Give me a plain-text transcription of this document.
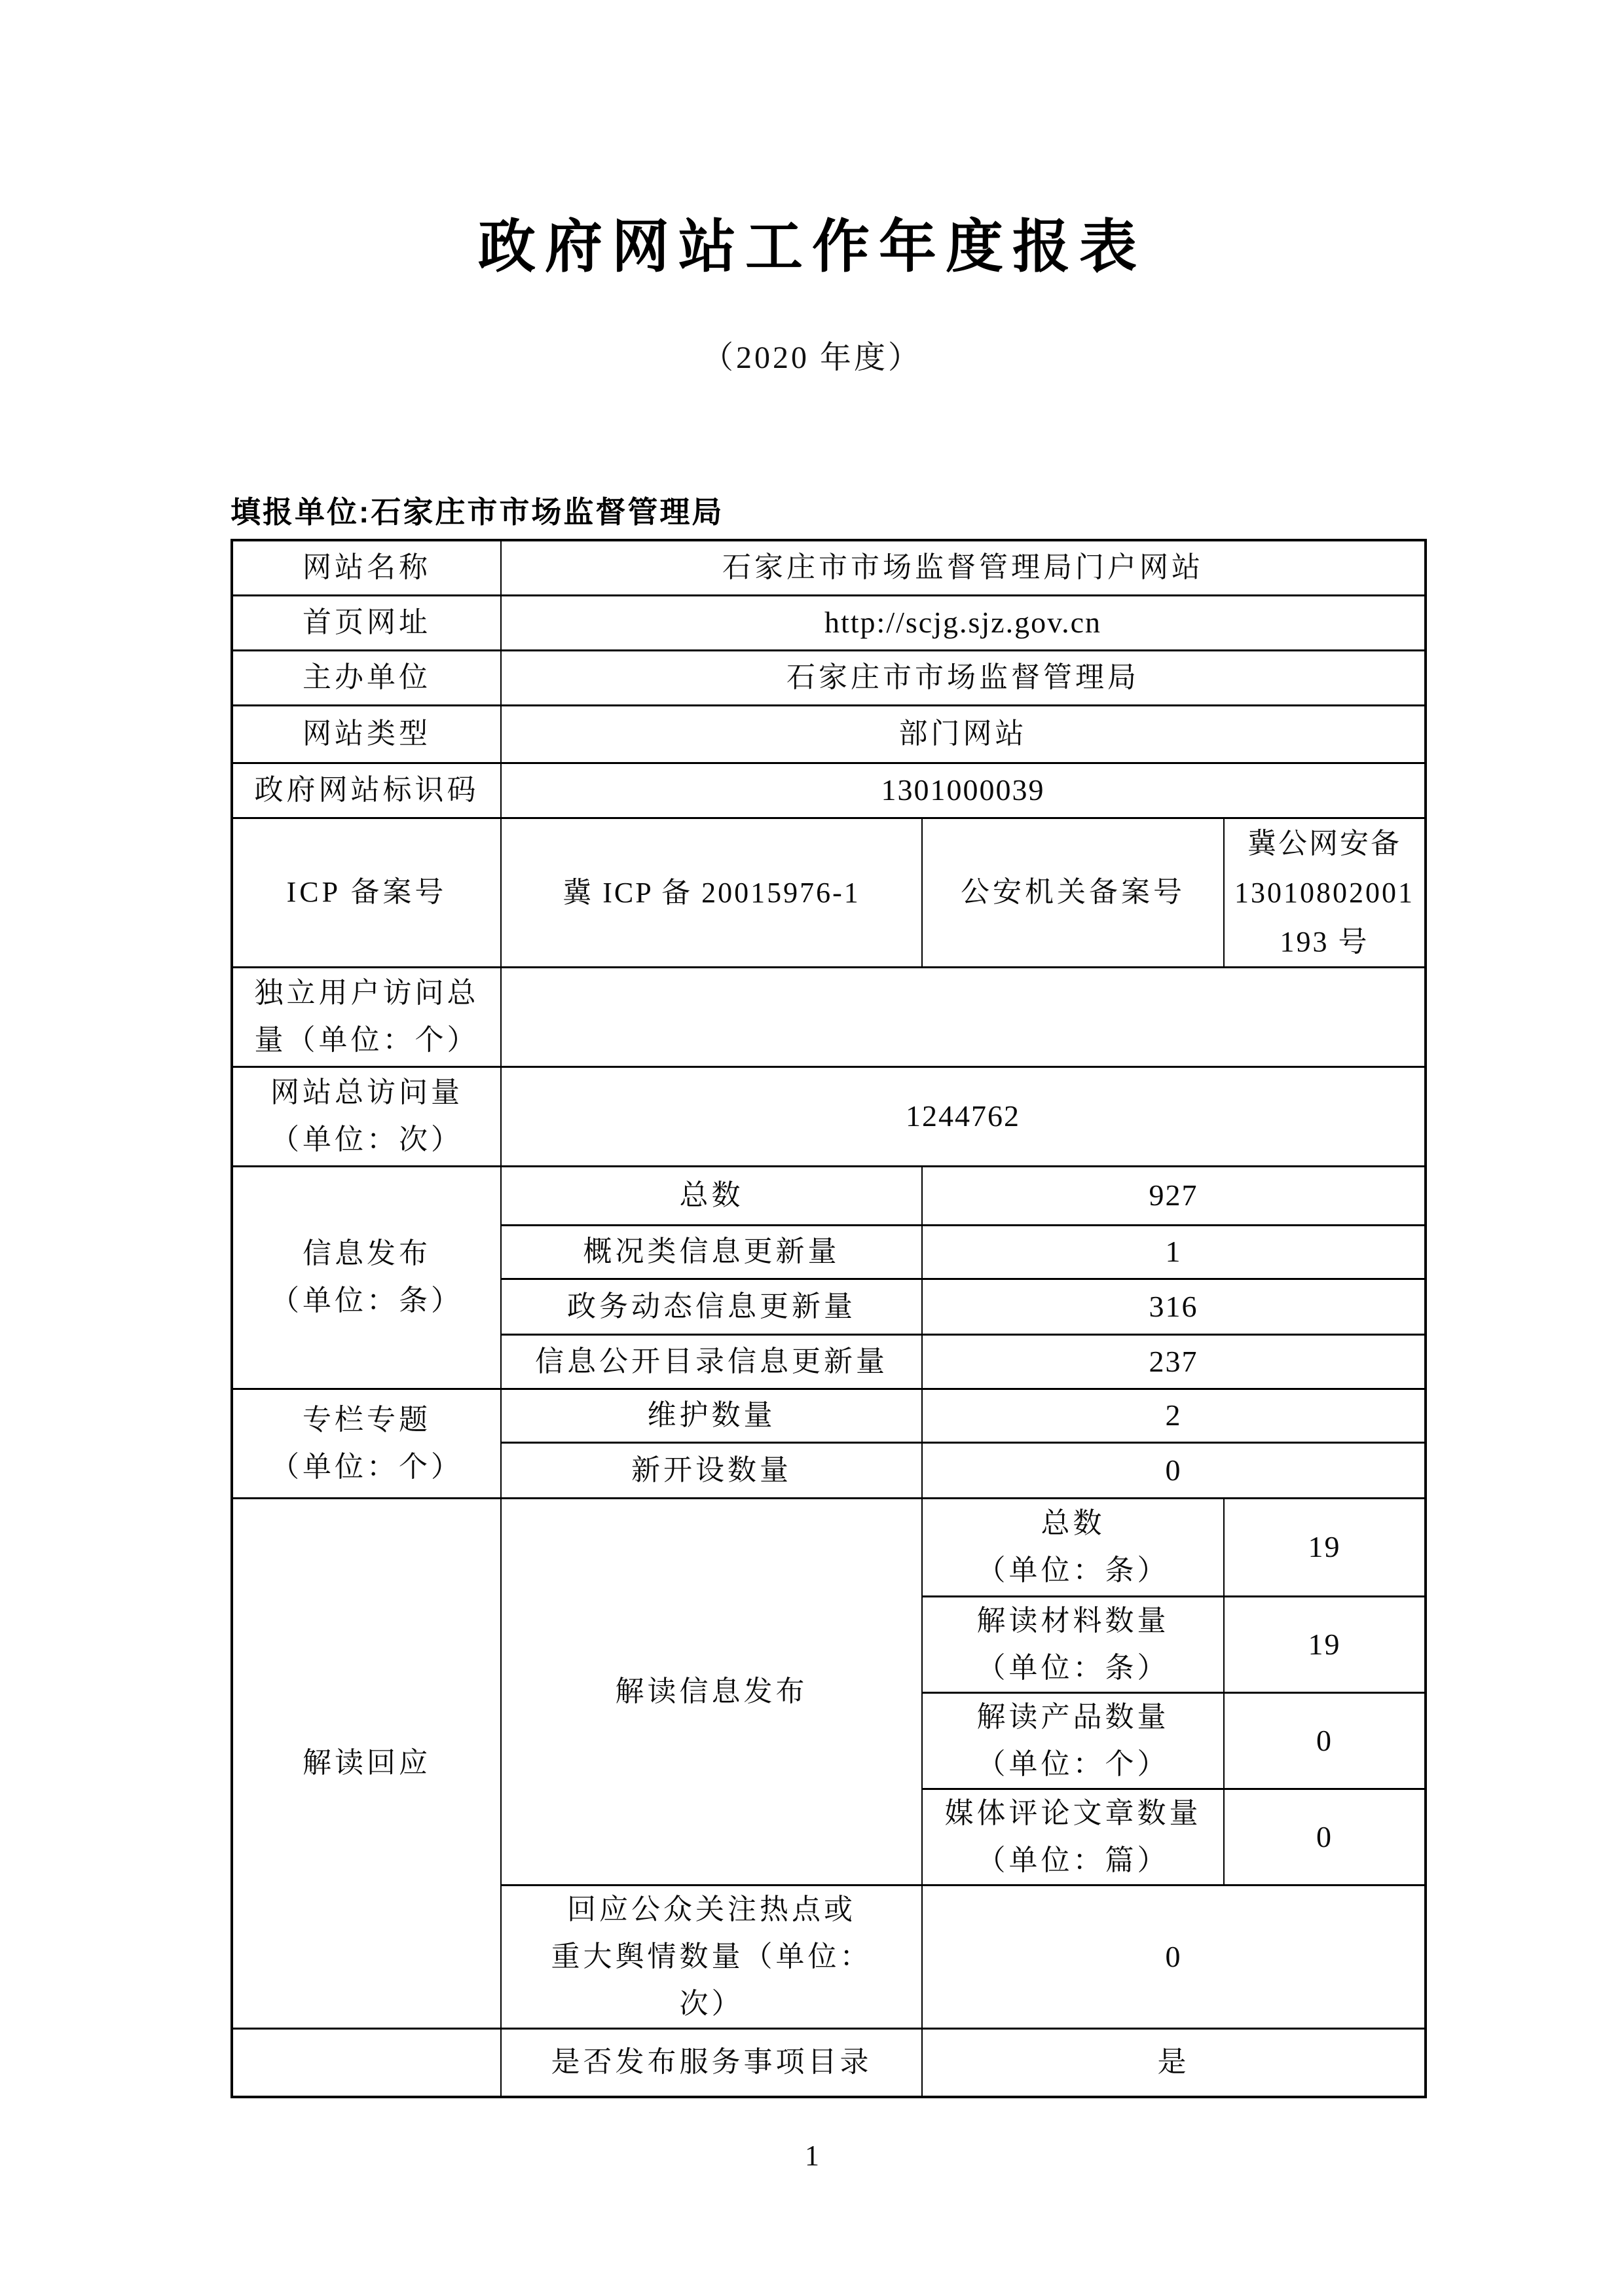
政府网站工作年度报表
（2020 年度）
填报单位:石家庄市市场监督管理局
网站名称	石家庄市市场监督管理局门户网站		
首页网址	http://scjg.sjz.gov.cn		
主办单位	石家庄市市场监督管理局		
网站类型	部门网站		
政府网站标识码	1301000039		
ICP 备案号	冀 ICP 备 20015976-1	公安机关备案号	冀公网安备
13010802001
193 号

独立用户访问总
量（单位：个）			

网站总访问量
（单位：次）	1244762		

信息发布
（单位：条）	总数	927	
	概况类信息更新量	1	
	政务动态信息更新量	316	
	信息公开目录信息更新量	237	

专栏专题
（单位：个）	维护数量	2	
	新开设数量	0	
解读回应	解读信息发布	总数
（单位：条）	19

		解读材料数量
（单位：条）	19

		解读产品数量
（单位：个）	0

		媒体评论文章数量
（单位：篇）	0

	回应公众关注热点或
重大舆情数量（单位：
次）	0	
	是否发布服务事项目录	是	
1
